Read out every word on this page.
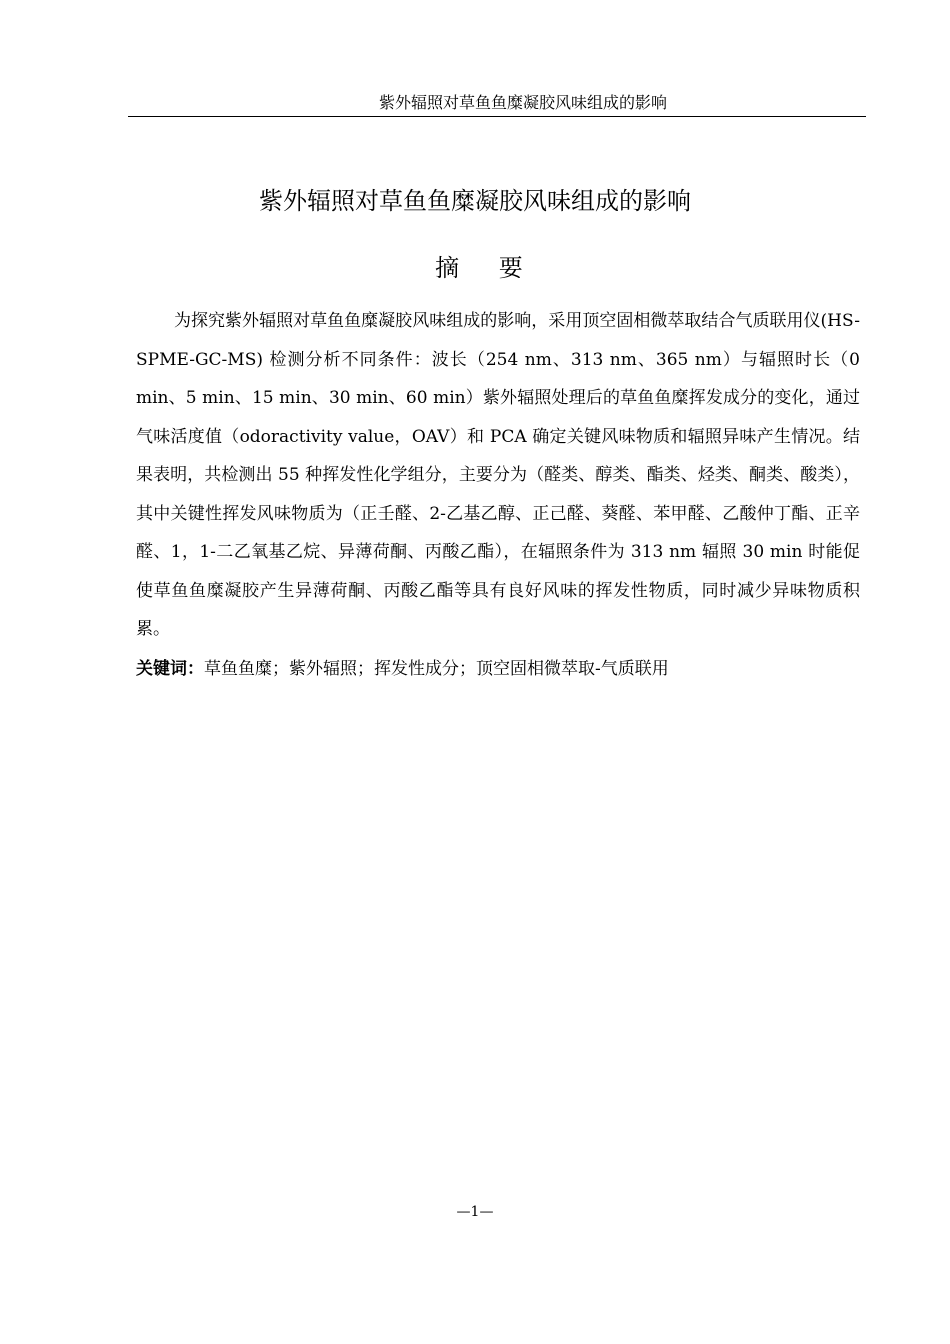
紫外辐照对草鱼鱼糜凝胶风味组成的影响
紫外辐照对草鱼鱼糜凝胶风味组成的影响
摘 要

为探究紫外辐照对草鱼鱼糜凝胶风味组成的影响，采用顶空固相微萃取结合气质联用仪(HS-SPME-GC-MS) 检测分析不同条件：波长（254 nm、313 nm、365 nm）与辐照时长（0 min、5 min、15 min、30 min、60 min）紫外辐照处理后的草鱼鱼糜挥发成分的变化，通过气味活度值（odoractivity value，OAV）和 PCA 确定关键风味物质和辐照异味产生情况。结果表明，共检测出 55 种挥发性化学组分，主要分为（醛类、醇类、酯类、烃类、酮类、酸类），其中关键性挥发风味物质为（正壬醛、2-乙基乙醇、正己醛、葵醛、苯甲醛、乙酸仲丁酯、正辛醛、1，1-二乙氧基乙烷、异薄荷酮、丙酸乙酯），在辐照条件为 313 nm 辐照 30 min 时能促使草鱼鱼糜凝胶产生异薄荷酮、丙酸乙酯等具有良好风味的挥发性物质，同时减少异味物质积累。

关键词：草鱼鱼糜；紫外辐照；挥发性成分；顶空固相微萃取-气质联用

—1—
